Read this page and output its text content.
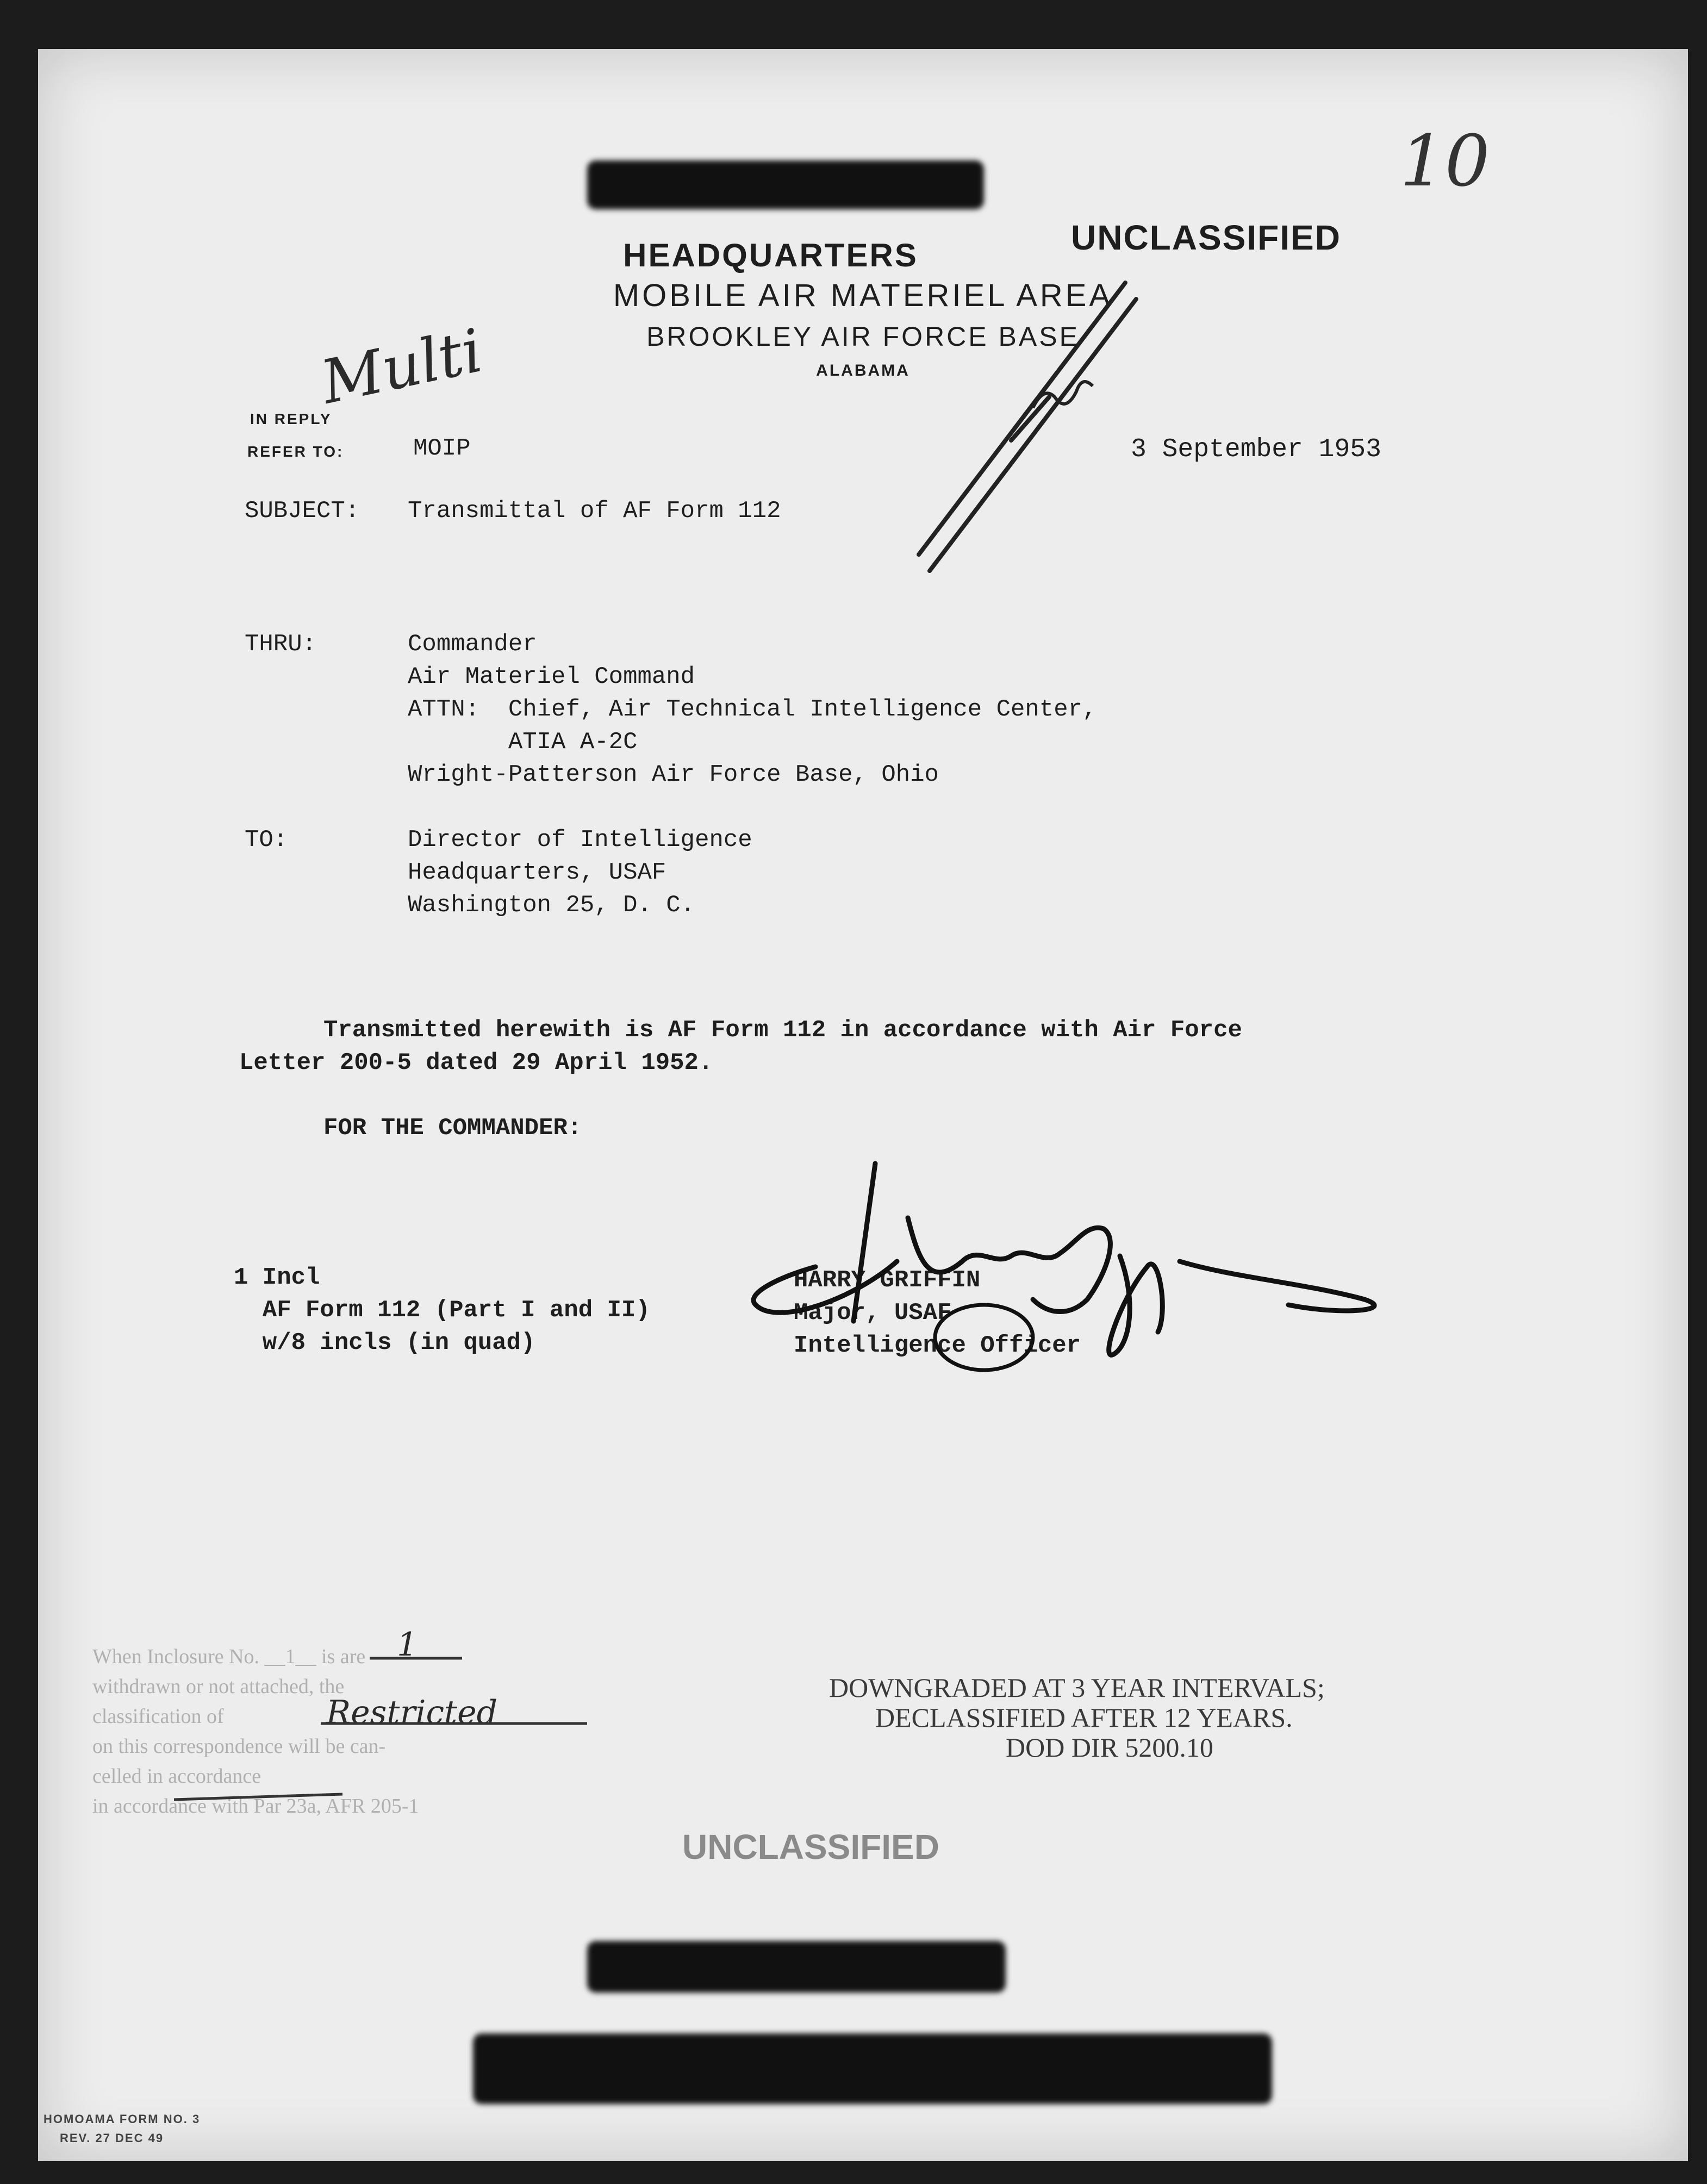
10
UNCLASSIFIED
HEADQUARTERS
MOBILE AIR MATERIEL AREA
BROOKLEY AIR FORCE BASE
ALABAMA
Multi
IN REPLY
REFER TO:	MOIP	3 September 1953
SUBJECT: Transmittal of AF Form 112
THRU:	Commander
Air Materiel Command
ATTN:  Chief, Air Technical Intelligence Center,
ATIA A-2C
Wright-Patterson Air Force Base, Ohio
TO:	Director of Intelligence
Headquarters, USAF
Washington 25, D. C.
Transmitted herewith is AF Form 112 in accordance with Air Force
Letter 200-5 dated 29 April 1952.
FOR THE COMMANDER:
1 Incl
AF Form 112 (Part I and II)
w/8 incls (in quad)
HARRY GRIFFIN
Major, USAF
Intelligence Officer
When Inclosure No. __1__ is are
withdrawn or not attached, the
classification of
on this correspondence will be can-
celled in accordance
in accordance with Par 23a, AFR 205-1
1
Restricted
DOWNGRADED AT 3 YEAR INTERVALS;
DECLASSIFIED AFTER 12 YEARS.
DOD DIR 5200.10
UNCLASSIFIED
HOMOAMA FORM NO. 3
REV. 27 DEC 49
